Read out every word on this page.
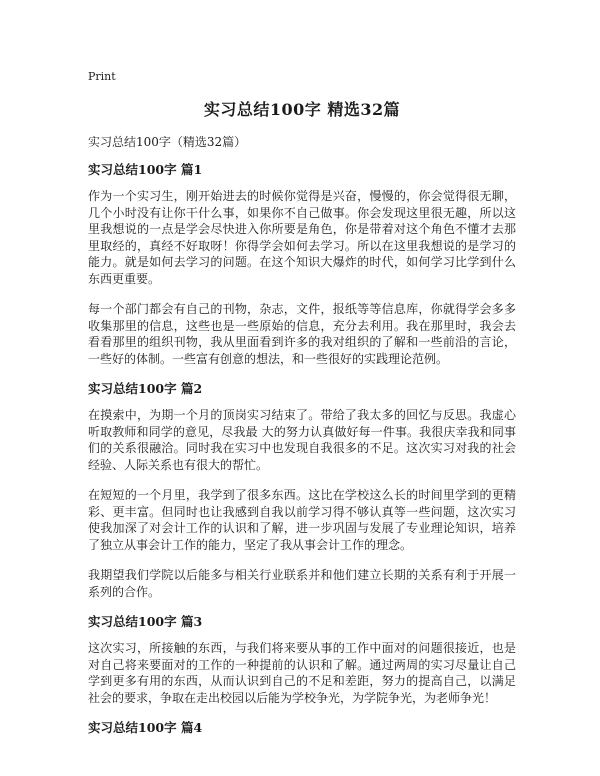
Print
实习总结100字 精选32篇
实习总结100字（精选32篇）
实习总结100字 篇1

作为一个实习生，刚开始进去的时候你觉得是兴奋，慢慢的，你会觉得很无聊，几个小时没有让你干什么事，如果你不自己做事。你会发现这里很无趣，所以这里我想说的一点是学会尽快进入你所要是角色，你是带着对这个角色不懂才去那里取经的，真经不好取呀！你得学会如何去学习。所以在这里我想说的是学习的能力。就是如何去学习的问题。在这个知识大爆炸的时代，如何学习比学到什么东西更重要。

每一个部门都会有自己的刊物，杂志，文件，报纸等等信息库，你就得学会多多收集那里的信息，这些也是一些原始的信息，充分去利用。我在那里时，我会去看看那里的组织刊物，我从里面看到许多的我对组织的了解和一些前沿的言论，一些好的体制。一些富有创意的想法，和一些很好的实践理论范例。

实习总结100字 篇2

在摸索中，为期一个月的顶岗实习结束了。带给了我太多的回忆与反思。我虚心听取教师和同学的意见，尽我最 大的努力认真做好每一件事。我很庆幸我和同事们的关系很融洽。同时我在实习中也发现自我很多的不足。这次实习对我的社会经验、人际关系也有很大的帮忙。

在短短的一个月里，我学到了很多东西。这比在学校这么长的时间里学到的更精彩、更丰富。但同时也让我感到自我以前学习得不够认真等一些问题，这次实习使我加深了对会计工作的认识和了解，进一步巩固与发展了专业理论知识，培养了独立从事会计工作的能力，坚定了我从事会计工作的理念。

我期望我们学院以后能多与相关行业联系并和他们建立长期的关系有利于开展一系列的合作。

实习总结100字 篇3

这次实习，所接触的东西，与我们将来要从事的工作中面对的问题很接近，也是对自己将来要面对的工作的一种提前的认识和了解。通过两周的实习尽量让自己学到更多有用的东西，从而认识到自己的不足和差距，努力的提高自己，以满足社会的要求，争取在走出校园以后能为学校争光，为学院争光，为老师争光！

实习总结100字 篇4
